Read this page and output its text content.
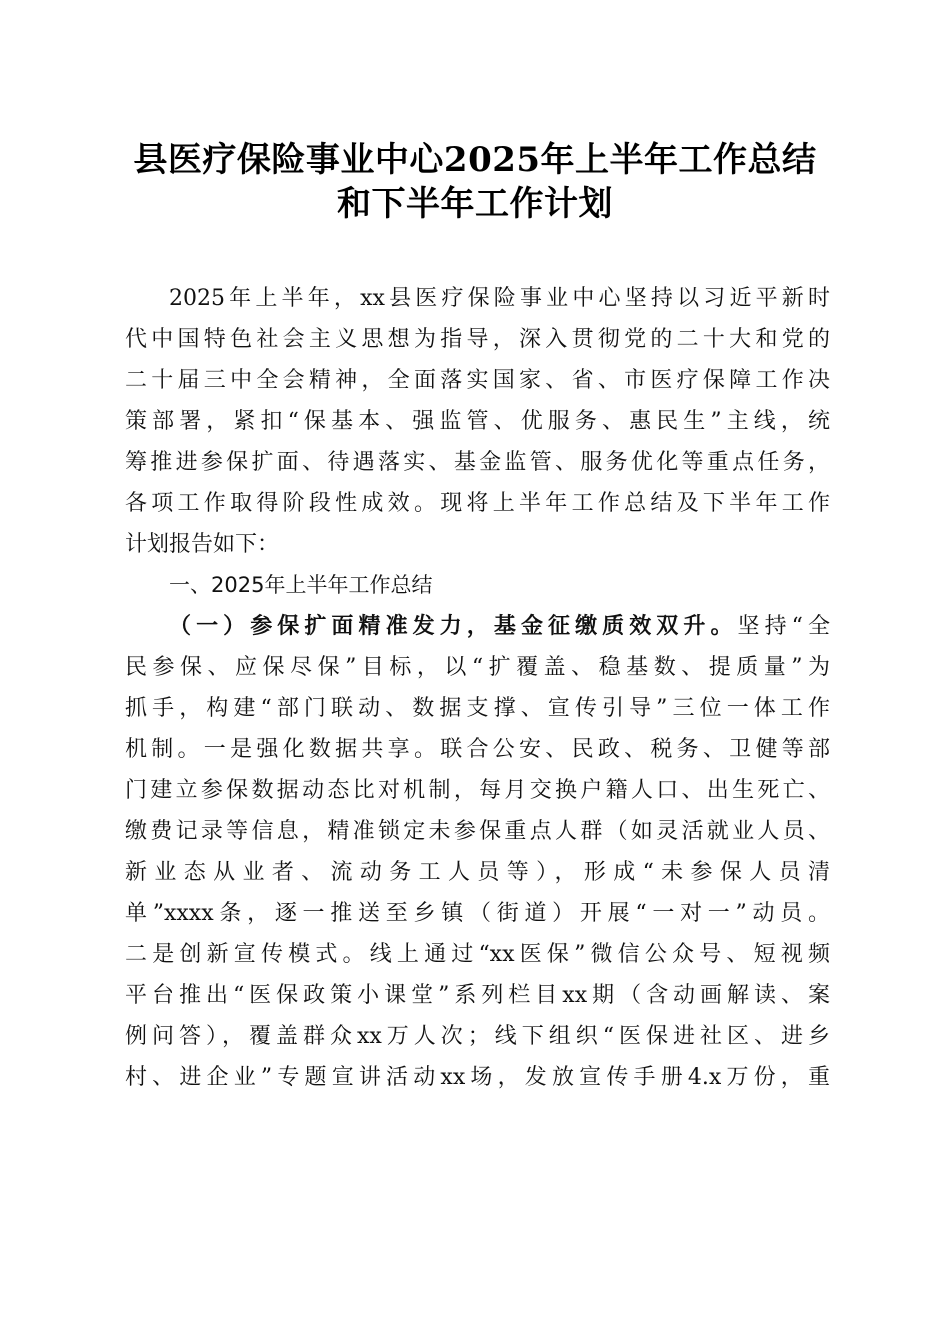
县医疗保险事业中心2025年上半年工作总结
和下半年工作计划
2025年上半年，xx县医疗保险事业中心坚持以习近平新时
代中国特色社会主义思想为指导，深入贯彻党的二十大和党的
二十届三中全会精神，全面落实国家、省、市医疗保障工作决
策部署，紧扣“保基本、强监管、优服务、惠民生”主线，统
筹推进参保扩面、待遇落实、基金监管、服务优化等重点任务，
各项工作取得阶段性成效。现将上半年工作总结及下半年工作
计划报告如下：
一、2025年上半年工作总结
（一）参保扩面精准发力，基金征缴质效双升。坚持“全
民参保、应保尽保”目标，以“扩覆盖、稳基数、提质量”为
抓手，构建“部门联动、数据支撑、宣传引导”三位一体工作
机制。一是强化数据共享。联合公安、民政、税务、卫健等部
门建立参保数据动态比对机制，每月交换户籍人口、出生死亡、
缴费记录等信息，精准锁定未参保重点人群（如灵活就业人员、
新业态从业者、流动务工人员等），形成“未参保人员清
单”xxxx条，逐一推送至乡镇（街道）开展“一对一”动员。
二是创新宣传模式。线上通过“xx医保”微信公众号、短视频
平台推出“医保政策小课堂”系列栏目xx期（含动画解读、案
例问答），覆盖群众xx万人次；线下组织“医保进社区、进乡
村、进企业”专题宣讲活动xx场，发放宣传手册4.x万份，重
